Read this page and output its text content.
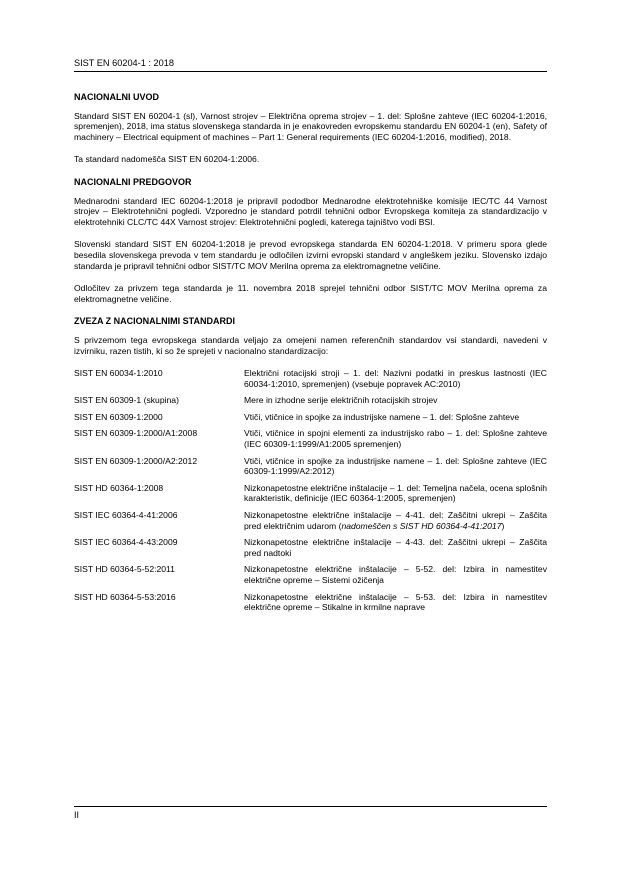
SIST EN 60204-1 : 2018
NACIONALNI UVOD

Standard SIST EN 60204-1 (sl), Varnost strojev – Električna oprema strojev – 1. del: Splošne zahteve (IEC 60204-1:2016, spremenjen), 2018, ima status slovenskega standarda in je enakovreden evropskemu standardu EN 60204-1 (en), Safety of machinery – Electrical equipment of machines – Part 1: General requirements (IEC 60204-1:2016, modified), 2018.

Ta standard nadomešča SIST EN 60204-1:2006.

NACIONALNI PREDGOVOR

Mednarodni standard IEC 60204-1:2018 je pripravil pododbor Mednarodne elektrotehniške komisije IEC/TC 44 Varnost strojev – Elektrotehnični pogledi. Vzporedno je standard potrdil tehnični odbor Evropskega komiteja za standardizacijo v elektrotehniki CLC/TC 44X Varnost strojev: Elektrotehnični pogledi, katerega tajništvo vodi BSI.

Slovenski standard SIST EN 60204-1:2018 je prevod evropskega standarda EN 60204-1:2018. V primeru spora glede besedila slovenskega prevoda v tem standardu je odločilen izvirni evropski standard v angleškem jeziku. Slovensko izdajo standarda je pripravil tehnični odbor SIST/TC MOV Merilna oprema za elektromagnetne veličine.

Odločitev za privzem tega standarda je 11. novembra 2018 sprejel tehnični odbor SIST/TC MOV Merilna oprema za elektromagnetne veličine.

ZVEZA Z NACIONALNIMI STANDARDI

S privzemom tega evropskega standarda veljajo za omejeni namen referenčnih standardov vsi standardi, navedeni v izvirniku, razen tistih, ki so že sprejeti v nacionalno standardizacijo:

SIST EN 60034-1:2010	Električni rotacijski stroji – 1. del: Nazivni podatki in preskus lastnosti (IEC 60034-1:2010, spremenjen) (vsebuje popravek AC:2010)
SIST EN 60309-1 (skupina)	Mere in izhodne serije električnih rotacijskih strojev
SIST EN 60309-1:2000	Vtiči, vtičnice in spojke za industrijske namene – 1. del: Splošne zahteve
SIST EN 60309-1:2000/A1:2008	Vtiči, vtičnice in spojni elementi za industrijsko rabo – 1. del: Splošne zahteve (IEC 60309-1:1999/A1:2005 spremenjen)
SIST EN 60309-1:2000/A2:2012	Vtiči, vtičnice in spojke za industrijske namene – 1. del: Splošne zahteve (IEC 60309-1:1999/A2:2012)
SIST HD 60364-1:2008	Nizkonapetostne električne inštalacije – 1. del: Temeljna načela, ocena splošnih karakteristik, definicije (IEC 60364-1:2005, spremenjen)
SIST IEC 60364-4-41:2006	Nizkonapetostne električne inštalacije – 4-41. del: Zaščitni ukrepi – Zaščita pred električnim udarom (nadomeščen s SIST HD 60364-4-41:2017)
SIST IEC 60364-4-43:2009	Nizkonapetostne električne inštalacije – 4-43. del: Zaščitni ukrepi – Zaščita pred nadtoki
SIST HD 60364-5-52:2011	Nizkonapetostne električne inštalacije – 5-52. del: Izbira in namestitev električne opreme – Sistemi ožičenja
SIST HD 60364-5-53:2016	Nizkonapetostne električne inštalacije – 5-53. del: Izbira in namestitev električne opreme – Stikalne in krmilne naprave
II
